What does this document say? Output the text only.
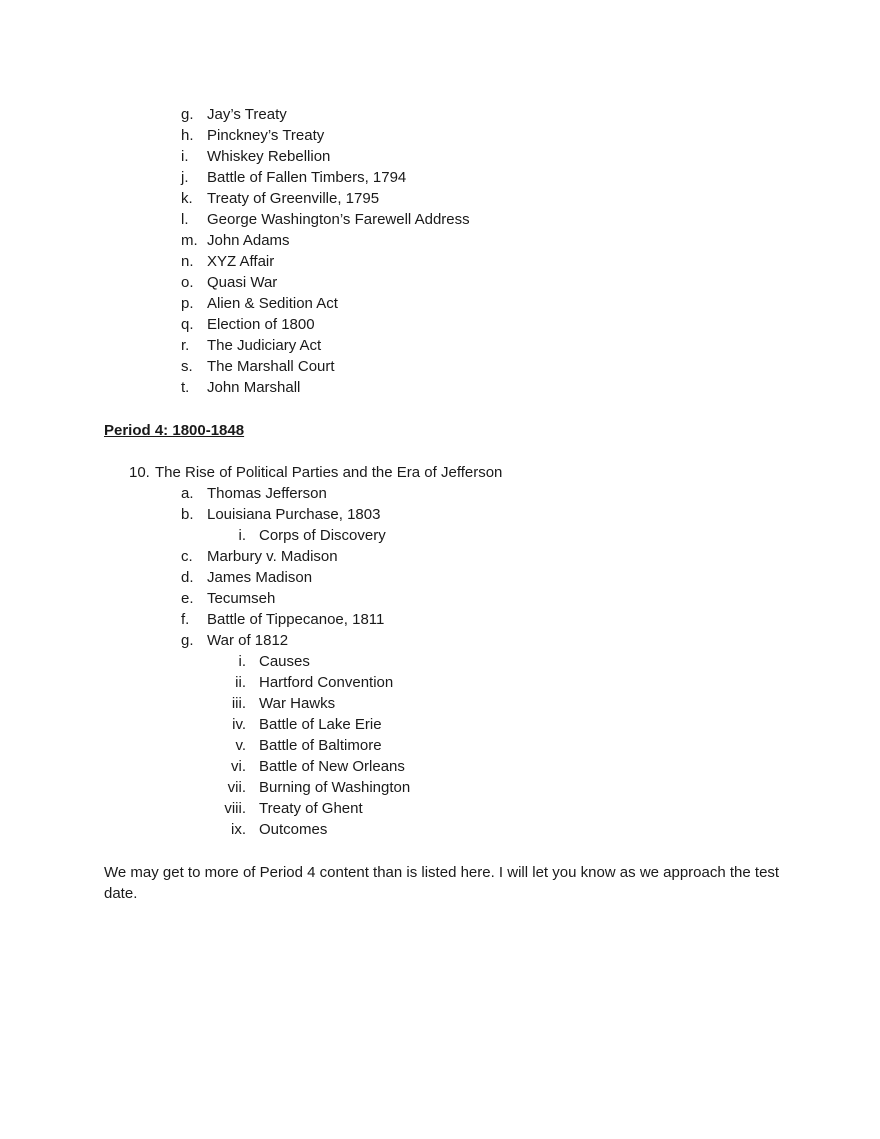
g. Jay’s Treaty
h. Pinckney’s Treaty
i. Whiskey Rebellion
j. Battle of Fallen Timbers, 1794
k. Treaty of Greenville, 1795
l. George Washington’s Farewell Address
m. John Adams
n. XYZ Affair
o. Quasi War
p. Alien & Sedition Act
q. Election of 1800
r. The Judiciary Act
s. The Marshall Court
t. John Marshall
Period 4: 1800-1848
10. The Rise of Political Parties and the Era of Jefferson
a. Thomas Jefferson
b. Louisiana Purchase, 1803
i. Corps of Discovery
c. Marbury v. Madison
d. James Madison
e. Tecumseh
f. Battle of Tippecanoe, 1811
g. War of 1812
i. Causes
ii. Hartford Convention
iii. War Hawks
iv. Battle of Lake Erie
v. Battle of Baltimore
vi. Battle of New Orleans
vii. Burning of Washington
viii. Treaty of Ghent
ix. Outcomes
We may get to more of Period 4 content than is listed here. I will let you know as we approach the test date.
